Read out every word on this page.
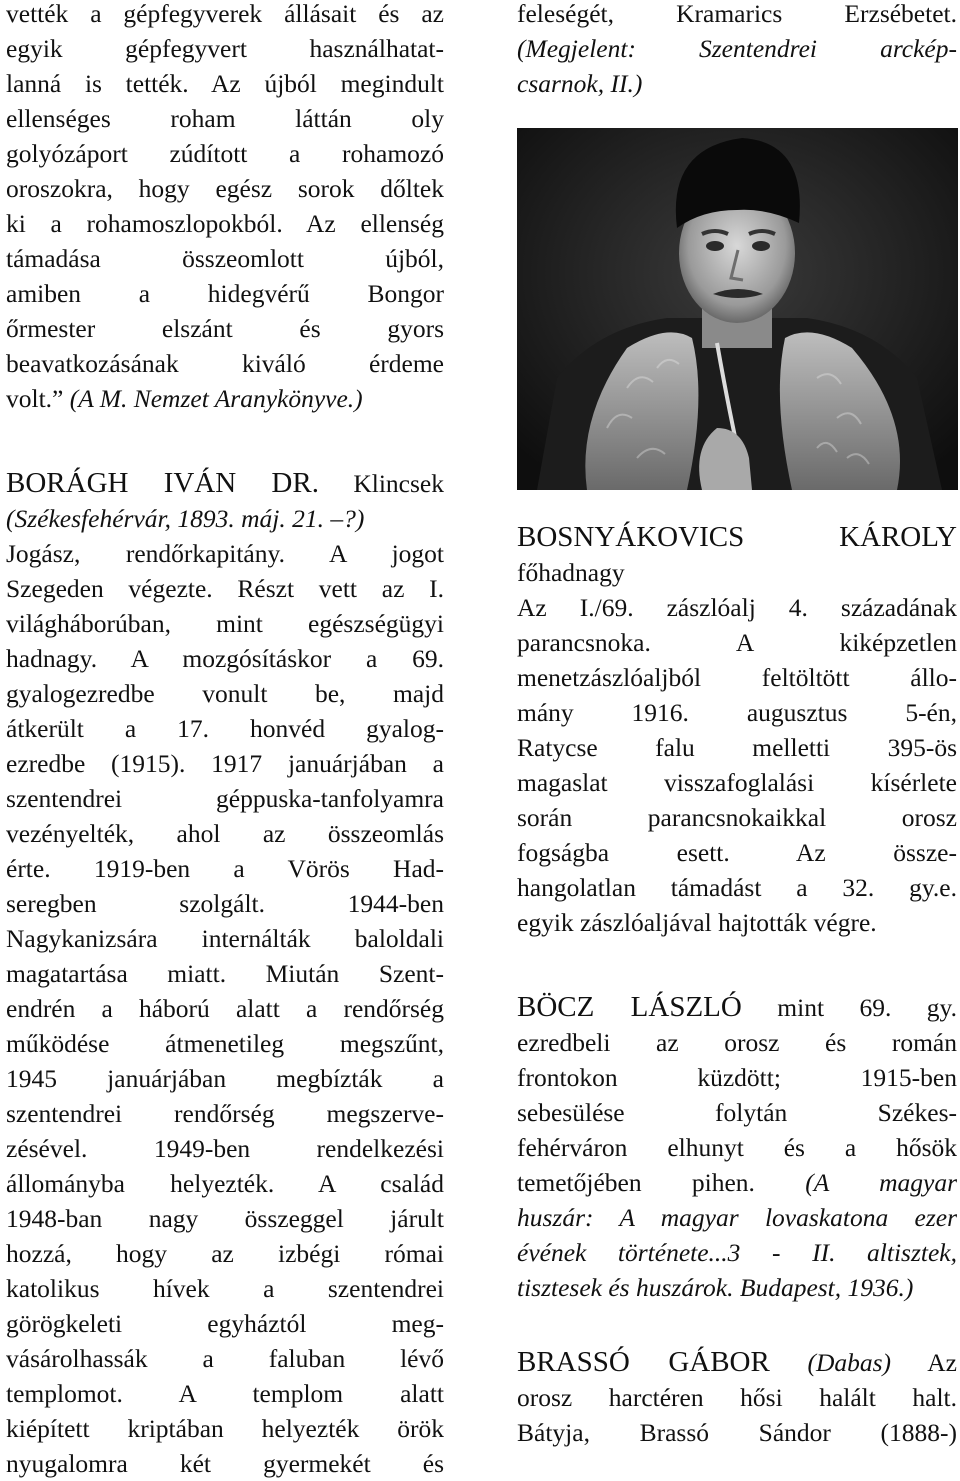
vették a gépfegyverek állásait és az
egyik gépfegyvert használhatat-
lanná is tették. Az újból megindult
ellenséges roham láttán oly
golyózáport zúdított a rohamozó
oroszokra, hogy egész sorok dőltek
ki a rohamoszlopokból. Az ellenség
támadása összeomlott újból,
amiben a hidegvérű Bongor
őrmester elszánt és gyors
beavatkozásának kiváló érdeme
volt.” (A M. Nemzet Aranykönyve.)
BORÁGH IVÁN DR. Klincsek
(Székesfehérvár, 1893. máj. 21. –?)
Jogász, rendőrkapitány. A jogot
Szegeden végezte. Részt vett az I.
világháborúban, mint egészségügyi
hadnagy. A mozgósításkor a 69.
gyalogezredbe vonult be, majd
átkerült a 17. honvéd gyalog-
ezredbe (1915). 1917 januárjában a
szentendrei géppuska-tanfolyamra
vezényelték, ahol az összeomlás
érte. 1919-ben a Vörös Had-
seregben szolgált. 1944-ben
Nagykanizsára internálták baloldali
magatartása miatt. Miután Szent-
endrén a háború alatt a rendőrség
működése átmenetileg megszűnt,
1945 januárjában megbízták a
szentendrei rendőrség megszerve-
zésével. 1949-ben rendelkezési
állományba helyezték. A család
1948-ban nagy összeggel járult
hozzá, hogy az izbégi római
katolikus hívek a szentendrei
görögkeleti egyháztól meg-
vásárolhassák a faluban lévő
templomot. A templom alatt
kiépített kriptában helyezték örök
nyugalomra két gyermekét és
feleségét, Kramarics Erzsébetet.
(Megjelent: Szentendrei arckép-
csarnok, II.)
BOSNYÁKOVICS	KÁROLY
főhadnagy
Az I./69. zászlóalj 4. századának
parancsnoka. A kiképzetlen
menetzászlóaljból feltöltött állo-
mány 1916. augusztus 5-én,
Ratycse falu melletti 395-ös
magaslat visszafoglalási kísérlete
során parancsnokaikkal orosz
fogságba esett. Az össze-
hangolatlan támadást a 32. gy.e.
egyik zászlóaljával hajtották végre.
BÖCZ LÁSZLÓ mint 69. gy.
ezredbeli az orosz és román
frontokon küzdött; 1915-ben
sebesülése folytán Székes-
fehérváron elhunyt és a hősök
temetőjében pihen. (A magyar
huszár: A magyar lovaskatona ezer
évének története...3 - II. altisztek,
tisztesek és huszárok. Budapest, 1936.)
BRASSÓ GÁBOR (Dabas) Az
orosz harctéren hősi halált halt.
Bátyja, Brassó Sándor (1888-)
